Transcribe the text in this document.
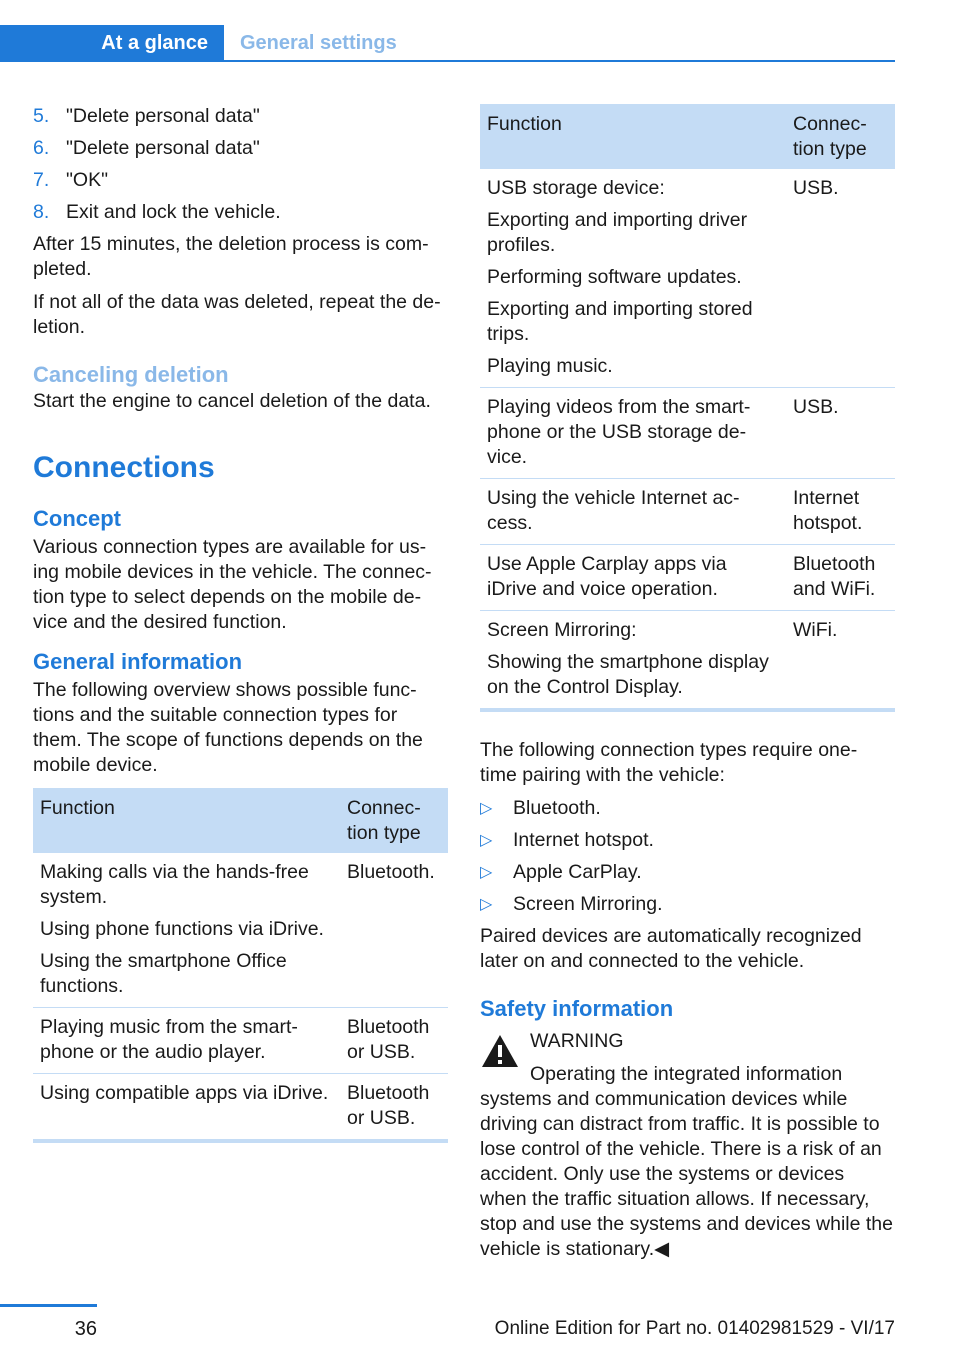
At a glance General settings
5. "Delete personal data"
6. "Delete personal data"
7. "OK"
8. Exit and lock the vehicle.

After 15 minutes, the deletion process is com‐ pleted.

If not all of the data was deleted, repeat the de‐ letion.

Canceling deletion

Start the engine to cancel deletion of the data.

Connections
Concept

Various connection types are available for us‐ ing mobile devices in the vehicle. The connec‐ tion type to select depends on the mobile de‐ vice and the desired function.

General information

The following overview shows possible func‐ tions and the suitable connection types for them. The scope of functions depends on the mobile device.

Function	Connec‐ tion type

Making calls via the hands-free system.

Using phone functions via iDrive.

Using the smartphone Office functions.	Bluetooth.
Playing music from the smart‐ phone or the audio player.	Bluetooth or USB.
Using compatible apps via iDrive.	Bluetooth or USB.
Function	Connec‐ tion type

USB storage device:

Exporting and importing driver profiles.

Performing software updates.

Exporting and importing stored trips.

Playing music.	USB.
Playing videos from the smart‐ phone or the USB storage de‐ vice.	USB.
Using the vehicle Internet ac‐ cess.	Internet hotspot.
Use Apple Carplay apps via iDrive and voice operation.	Bluetooth and WiFi.

Screen Mirroring:

Showing the smartphone display on the Control Display.	WiFi.

The following connection types require one‐ time pairing with the vehicle:

▷	Bluetooth.
▷	Internet hotspot.
▷	Apple CarPlay.
▷	Screen Mirroring.

Paired devices are automatically recognized later on and connected to the vehicle.

Safety information

WARNING

Operating the integrated information systems and communication devices while driving can distract from traffic. It is possible to lose control of the vehicle. There is a risk of an accident. Only use the systems or devices when the traffic situation allows. If necessary, stop and use the systems and devices while the vehicle is stationary.◀

36	Online Edition for Part no. 01402981529 - VI/17
